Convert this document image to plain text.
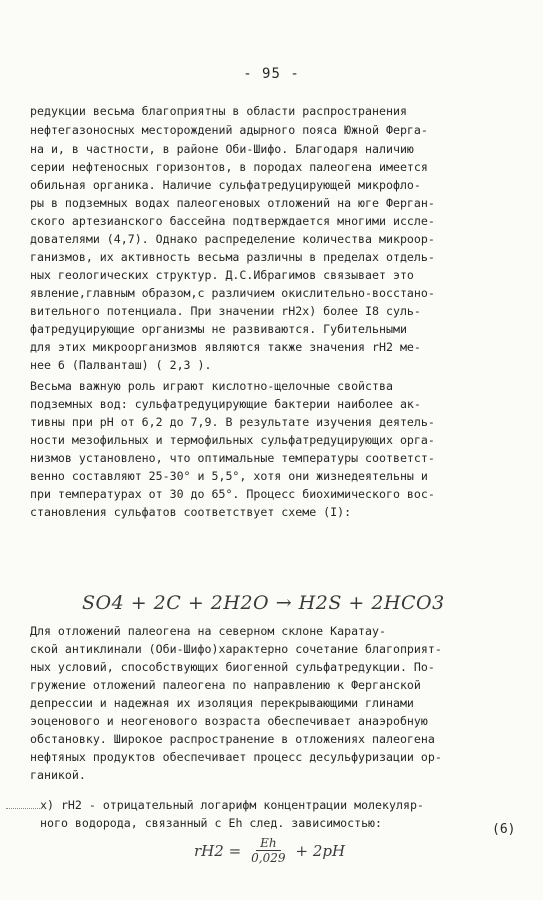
- 95 -
редукции весьма благоприятны в области распространения
нефтегазоносных месторождений адырного пояса Южной Ферга-
на и, в частности, в районе Оби-Шифо. Благодаря наличию
серии нефтеносных горизонтов, в породах палеогена имеется
обильная органика. Наличие сульфатредуцирующей микрофло-
ры в подземных водах палеогеновых отложений на юге Ферган-
ского артезианского бассейна подтверждается многими иссле-
дователями (4,7). Однако распределение количества микроор-
ганизмов, их активность весьма различны в пределах отдель-
ных геологических структур. Д.С.Ибрагимов связывает это
явление,главным образом,с различием окислительно-восстано-
вительного потенциала. При значении rH2x) более I8 суль-
фатредуцирующие организмы не развиваются. Губительными
для этих микроорганизмов являются также значения rH2 ме-
нее 6 (Палванташ) ( 2,3 ).
Весьма важную роль играют кислотно-щелочные свойства
подземных вод: сульфатредуцирующие бактерии наиболее ак-
тивны при pH от 6,2 до 7,9. В результате изучения деятель-
ности мезофильных и термофильных сульфатредуцирующих орга-
низмов установлено, что оптимальные температуры соответст-
венно составляют 25-30° и 5,5°, хотя они жизнедеятельны и
при температурах от 30 до 65°. Процесс биохимического вос-
становления сульфатов соответствует схеме (I):
Для отложений палеогена на северном склоне Каратау-
ской антиклинали (Оби-Шифо)характерно сочетание благоприят-
ных условий, способствующих биогенной сульфатредукции. По-
гружение отложений палеогена по направлению к Ферганской
депрессии и надежная их изоляция перекрывающими глинами
эоценового и неогенового возраста обеспечивает анаэробную
обстановку. Широкое распространение в отложениях палеогена
нефтяных продуктов обеспечивает процесс десульфуризации ор-
ганикой.
x) rH2 - отрицательный логарифм концентрации молекуляр-
ного водорода, связанный с Eh след. зависимостью:
SO4 + 2C + 2H2O → H2S + 2HCO3
$rH2 = \frac{Eh}{0,029} + 2pH$
(6)
